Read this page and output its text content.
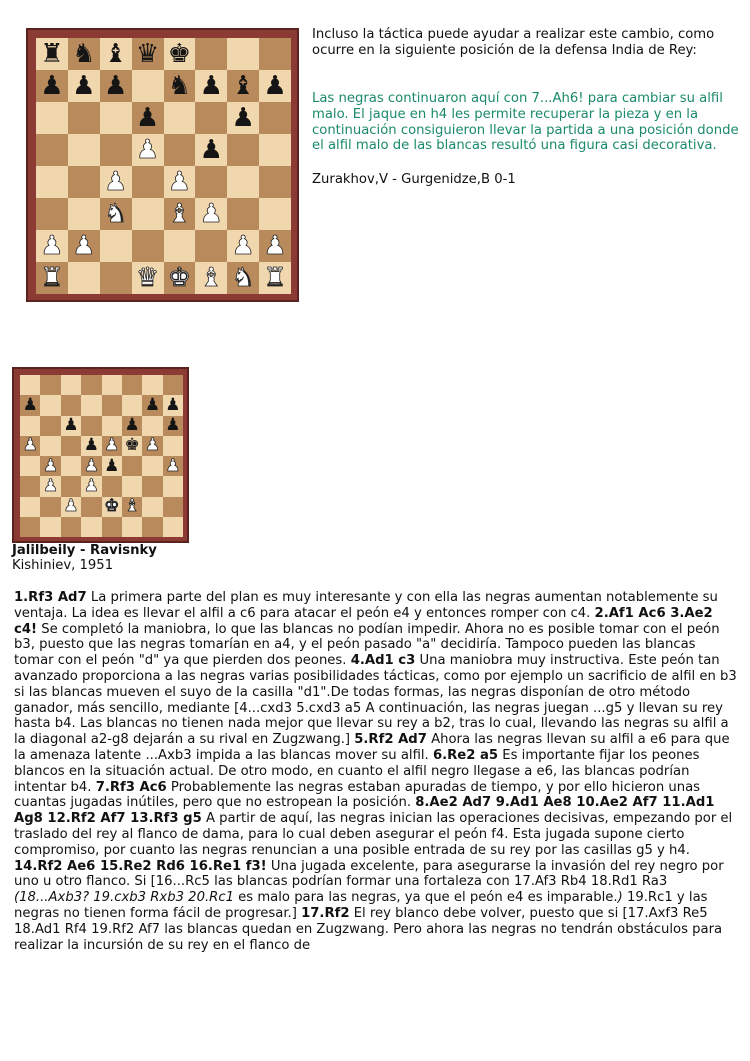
♜ ♞ ♝ ♛ ♚
♟ ♟ ♟ ♞ ♟ ♝ ♟
♟	♟
♟ ♟
♟ ♟
♞ ♝ ♟
♟ ♟	♟ ♟
♜	♛ ♚ ♝ ♞ ♜
Incluso la táctica puede ayudar a realizar este cambio, como ocurre en la siguiente posición de la defensa India de Rey:
Las negras continuaron aquí con 7...Ah6! para cambiar su alfil malo. El jaque en h4 les permite recuperar la pieza y en la continuación consiguieron llevar la partida a una posición donde el alfil malo de las blancas resultó una figura casi decorativa.
Zurakhov,V - Gurgenidze,B 0-1
♟	♟ ♟
♟	♟ ♟
♟	♟ ♟ ♚ ♟
♟ ♟ ♟	♟
♟ ♟
♟ ♚ ♝
Jalilbeily - Ravisnky
Kishiniev, 1951
1.Rf3 Ad7 La primera parte del plan es muy interesante y con ella las negras aumentan notablemente su ventaja. La idea es llevar el alfil a c6 para atacar el peón e4 y entonces romper con c4. 2.Af1 Ac6 3.Ae2 c4! Se completó la maniobra, lo que las blancas no podían impedir. Ahora no es posible tomar con el peón b3, puesto que las negras tomarían en a4, y el peón pasado "a" decidiría. Tampoco pueden las blancas tomar con el peón "d" ya que pierden dos peones. 4.Ad1 c3 Una maniobra muy instructiva. Este peón tan avanzado proporciona a las negras varias posibilidades tácticas, como por ejemplo un sacrificio de alfil en b3 si las blancas mueven el suyo de la casilla "d1".De todas formas, las negras disponían de otro método ganador, más sencillo, mediante [4...cxd3 5.cxd3 a5 A continuación, las negras juegan ...g5 y llevan su rey hasta b4. Las blancas no tienen nada mejor que llevar su rey a b2, tras lo cual, llevando las negras su alfil a la diagonal a2-g8 dejarán a su rival en Zugzwang.] 5.Rf2 Ad7 Ahora las negras llevan su alfil a e6 para que la amenaza latente ...Axb3 impida a las blancas mover su alfil. 6.Re2 a5 Es importante fijar los peones blancos en la situación actual. De otro modo, en cuanto el alfil negro llegase a e6, las blancas podrían intentar b4. 7.Rf3 Ac6 Probablemente las negras estaban apuradas de tiempo, y por ello hicieron unas cuantas jugadas inútiles, pero que no estropean la posición. 8.Ae2 Ad7 9.Ad1 Ae8 10.Ae2 Af7 11.Ad1 Ag8 12.Rf2 Af7 13.Rf3 g5 A partir de aquí, las negras inician las operaciones decisivas, empezando por el traslado del rey al flanco de dama, para lo cual deben asegurar el peón f4. Esta jugada supone cierto compromiso, por cuanto las negras renuncian a una posible entrada de su rey por las casillas g5 y h4. 14.Rf2 Ae6 15.Re2 Rd6 16.Re1 f3! Una jugada excelente, para asegurarse la invasión del rey negro por uno u otro flanco. Si [16...Rc5 las blancas podrían formar una fortaleza con 17.Af3 Rb4 18.Rd1 Ra3 (18...Axb3? 19.cxb3 Rxb3 20.Rc1 es malo para las negras, ya que el peón e4 es imparable.) 19.Rc1 y las negras no tienen forma fácil de progresar.] 17.Rf2 El rey blanco debe volver, puesto que si [17.Axf3 Re5 18.Ad1 Rf4 19.Rf2 Af7 las blancas quedan en Zugzwang. Pero ahora las negras no tendrán obstáculos para realizar la incursión de su rey en el flanco de
